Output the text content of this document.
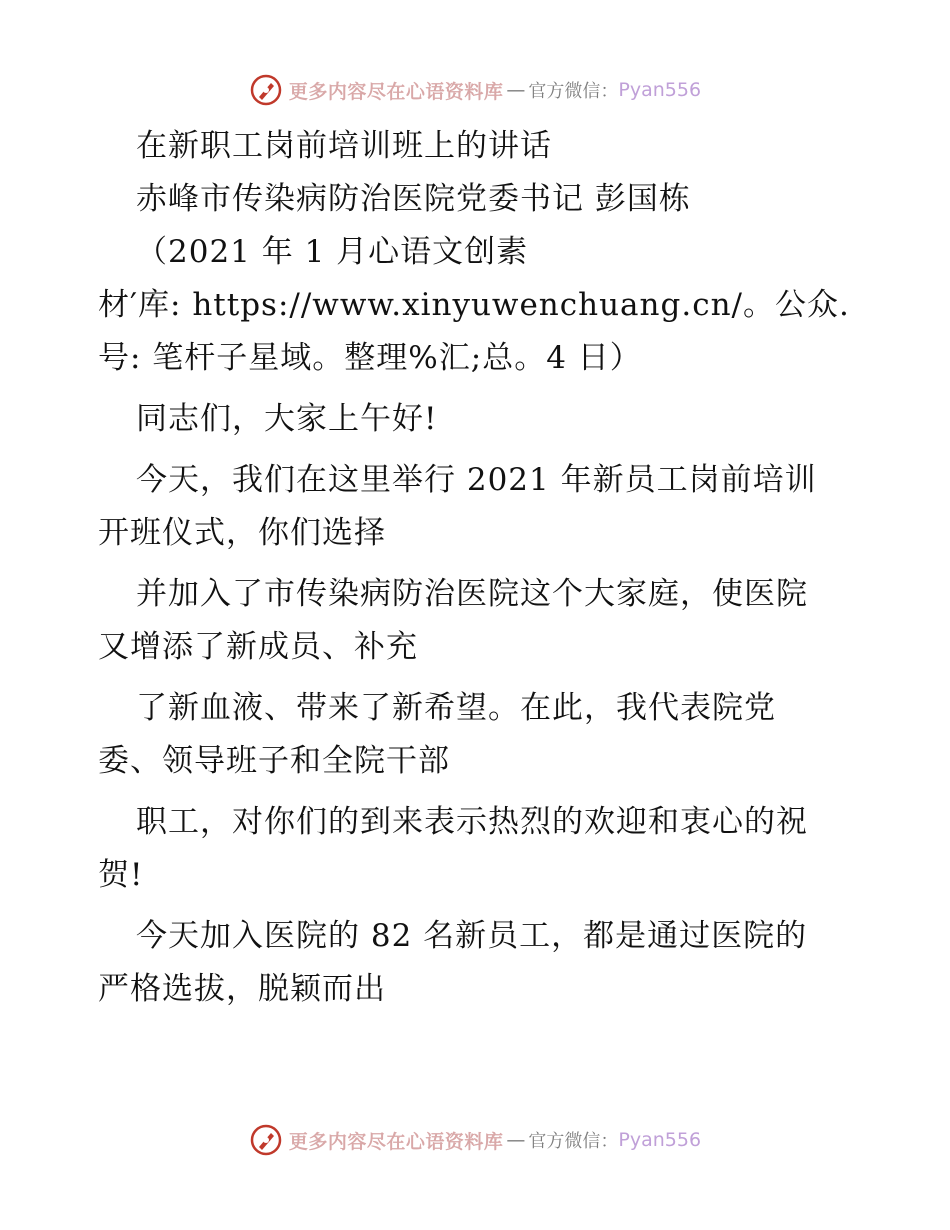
更多内容尽在心语资料库 — 官方微信： Pyan556
在新职工岗前培训班上的讲话
赤峰市传染病防治医院党委书记 彭国栋
（2021 年 1 月心语文创素
材′库: https://www.xinyuwenchuang.cn/。公众.
号: 笔杆子星域。整理%汇;总。4 日）
同志们，大家上午好!
今天，我们在这里举行 2021 年新员工岗前培训
开班仪式，你们选择
并加入了市传染病防治医院这个大家庭，使医院
又增添了新成员、补充
了新血液、带来了新希望。在此，我代表院党
委、领导班子和全院干部
职工，对你们的到来表示热烈的欢迎和衷心的祝
贺!
今天加入医院的 82 名新员工，都是通过医院的
严格选拔，脱颖而出
更多内容尽在心语资料库 — 官方微信： Pyan556
